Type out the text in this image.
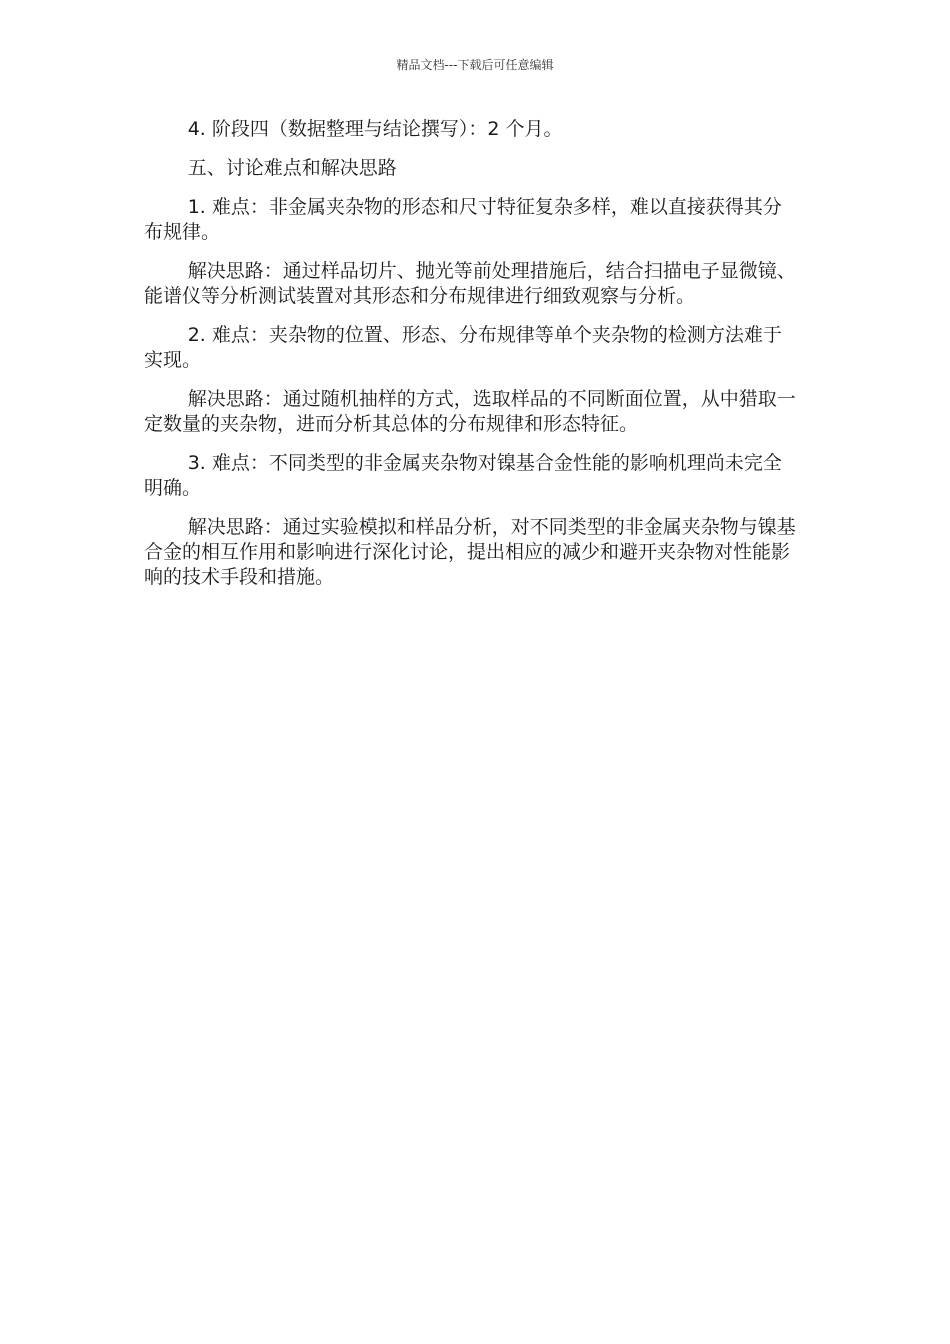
精品文档---下载后可任意编辑

4. 阶段四（数据整理与结论撰写）：2 个月。

五、讨论难点和解决思路

1. 难点：非金属夹杂物的形态和尺寸特征复杂多样，难以直接获得其分布规律。

解决思路：通过样品切片、抛光等前处理措施后，结合扫描电子显微镜、能谱仪等分析测试装置对其形态和分布规律进行细致观察与分析。

2. 难点：夹杂物的位置、形态、分布规律等单个夹杂物的检测方法难于实现。

解决思路：通过随机抽样的方式，选取样品的不同断面位置，从中猎取一定数量的夹杂物，进而分析其总体的分布规律和形态特征。

3. 难点：不同类型的非金属夹杂物对镍基合金性能的影响机理尚未完全明确。

解决思路：通过实验模拟和样品分析，对不同类型的非金属夹杂物与镍基合金的相互作用和影响进行深化讨论，提出相应的减少和避开夹杂物对性能影响的技术手段和措施。
